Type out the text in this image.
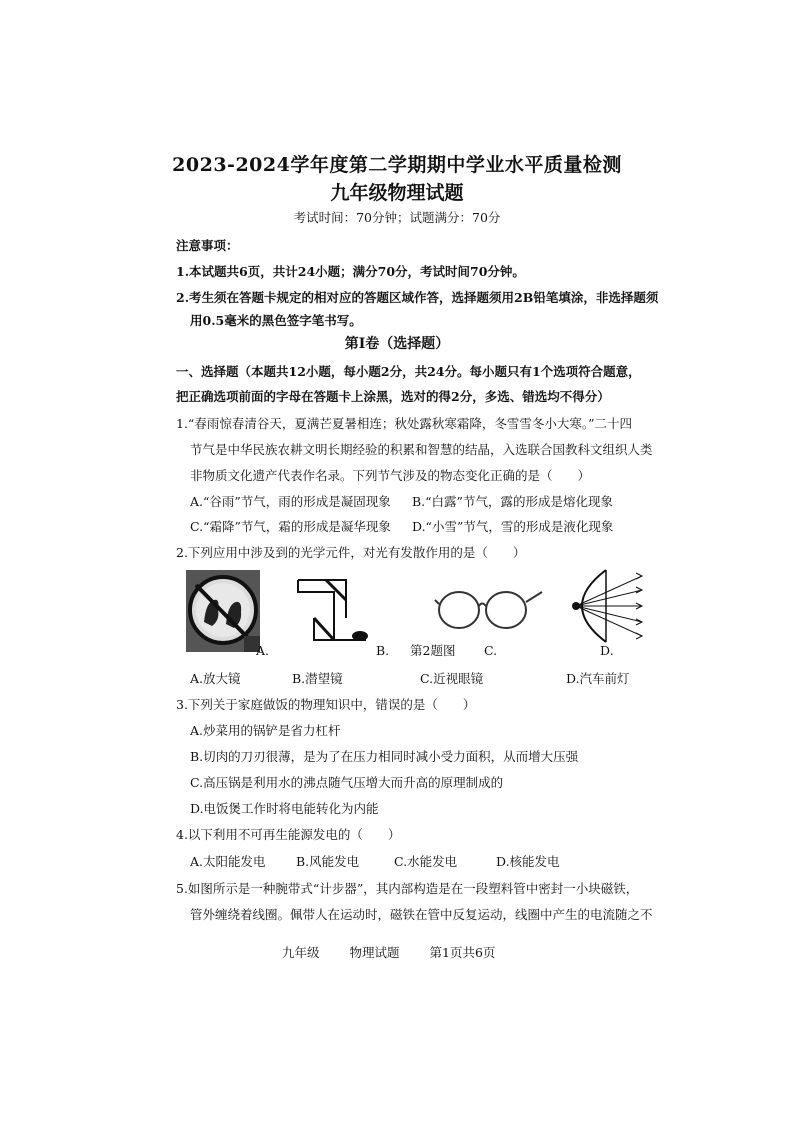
2023-2024学年度第二学期期中学业水平质量检测
九年级物理试题
考试时间：70分钟；试题满分：70分
注意事项：
1.本试题共6页，共计24小题；满分70分，考试时间70分钟。
2.考生须在答题卡规定的相对应的答题区域作答，选择题须用2B铅笔填涂，非选择题须
用0.5毫米的黑色签字笔书写。
第Ⅰ卷（选择题）
一、选择题（本题共12小题，每小题2分，共24分。每小题只有1个选项符合题意，
把正确选项前面的字母在答题卡上涂黑，选对的得2分，多选、错选均不得分）
1.“春雨惊春清谷天，夏满芒夏暑相连；秋处露秋寒霜降，冬雪雪冬小大寒。”二十四
节气是中华民族农耕文明长期经验的积累和智慧的结晶，入选联合国教科文组织人类
非物质文化遗产代表作名录。下列节气涉及的物态变化正确的是（　　）
A.“谷雨”节气，雨的形成是凝固现象 B.“白露”节气，露的形成是熔化现象
C.“霜降”节气，霜的形成是凝华现象 D.“小雪”节气，雪的形成是液化现象
2.下列应用中涉及到的光学元件，对光有发散作用的是（　　）
A.	B. 第2题图 C.	D.
A.放大镜	B.潜望镜	C.近视眼镜	D.汽车前灯
3.下列关于家庭做饭的物理知识中，错误的是（　　）
A.炒菜用的锅铲是省力杠杆
B.切肉的刀刃很薄，是为了在压力相同时减小受力面积，从而增大压强
C.高压锅是利用水的沸点随气压增大而升高的原理制成的
D.电饭煲工作时将电能转化为内能
4.以下利用不可再生能源发电的（　　）
A.太阳能发电 B.风能发电	C.水能发电	D.核能发电
5.如图所示是一种腕带式“计步器”，其内部构造是在一段塑料管中密封一小块磁铁，
管外缠绕着线圈。佩带人在运动时，磁铁在管中反复运动，线圈中产生的电流随之不
九年级 物理试题 第1页共6页
